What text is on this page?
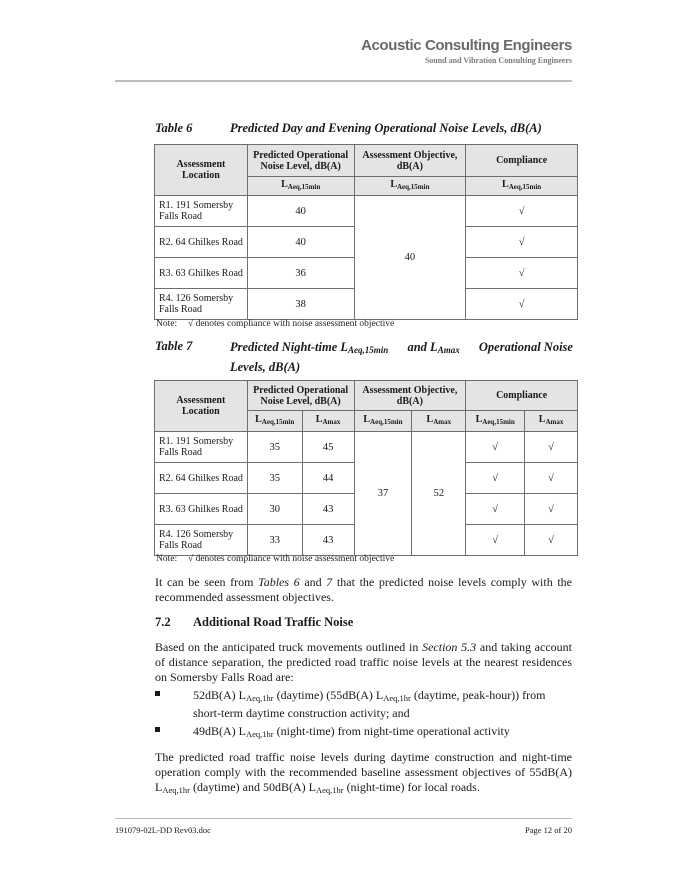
Acoustic Consulting Engineers
Sound and Vibration Consulting Engineers
Table 6	Predicted Day and Evening Operational Noise Levels, dB(A)
Assessment Location	Predicted Operational Noise Level, dB(A)	Assessment Objective, dB(A)	Compliance
	$L_{Aeq,15min}$	$L_{Aeq,15min}$	$L_{Aeq,15min}$
R1. 191 Somersby Falls Road	40	40	√
R2. 64 Ghilkes Road	40		√
R3. 63 Ghilkes Road	36		√
R4. 126 Somersby Falls Road	38		√
Note: √ denotes compliance with noise assessment objective
Table 7	Predicted Night-time $L_{Aeq,15min}$ and $L_{Amax}$ Operational Noise
Levels, dB(A)
Assessment Location	Predicted Operational Noise Level, dB(A)		Assessment Objective, dB(A)		Compliance	
	$L_{Aeq,15min}$	$L_{Amax}$	$L_{Aeq,15min}$	$L_{Amax}$	$L_{Aeq,15min}$	$L_{Amax}$
R1. 191 Somersby Falls Road	35	45	37	52	√	√
R2. 64 Ghilkes Road	35	44			√	√
R3. 63 Ghilkes Road	30	43			√	√
R4. 126 Somersby Falls Road	33	43			√	√
Note: √ denotes compliance with noise assessment objective
It can be seen from Tables 6 and 7 that the predicted noise levels comply with the recommended assessment objectives.
7.2 Additional Road Traffic Noise
Based on the anticipated truck movements outlined in Section 5.3 and taking account of distance separation, the predicted road traffic noise levels at the nearest residences on Somersby Falls Road are:
52dB(A) $L_{Aeq,1hr}$ (daytime) (55dB(A) $L_{Aeq,1hr}$ (daytime, peak-hour)) from short-term daytime construction activity; and
49dB(A) $L_{Aeq,1hr}$ (night-time) from night-time operational activity
The predicted road traffic noise levels during daytime construction and night-time operation comply with the recommended baseline assessment objectives of 55dB(A) $L_{Aeq,1hr}$ (daytime) and 50dB(A) $L_{Aeq,1hr}$ (night-time) for local roads.
191079-02L-DD Rev03.doc	Page 12 of 20
